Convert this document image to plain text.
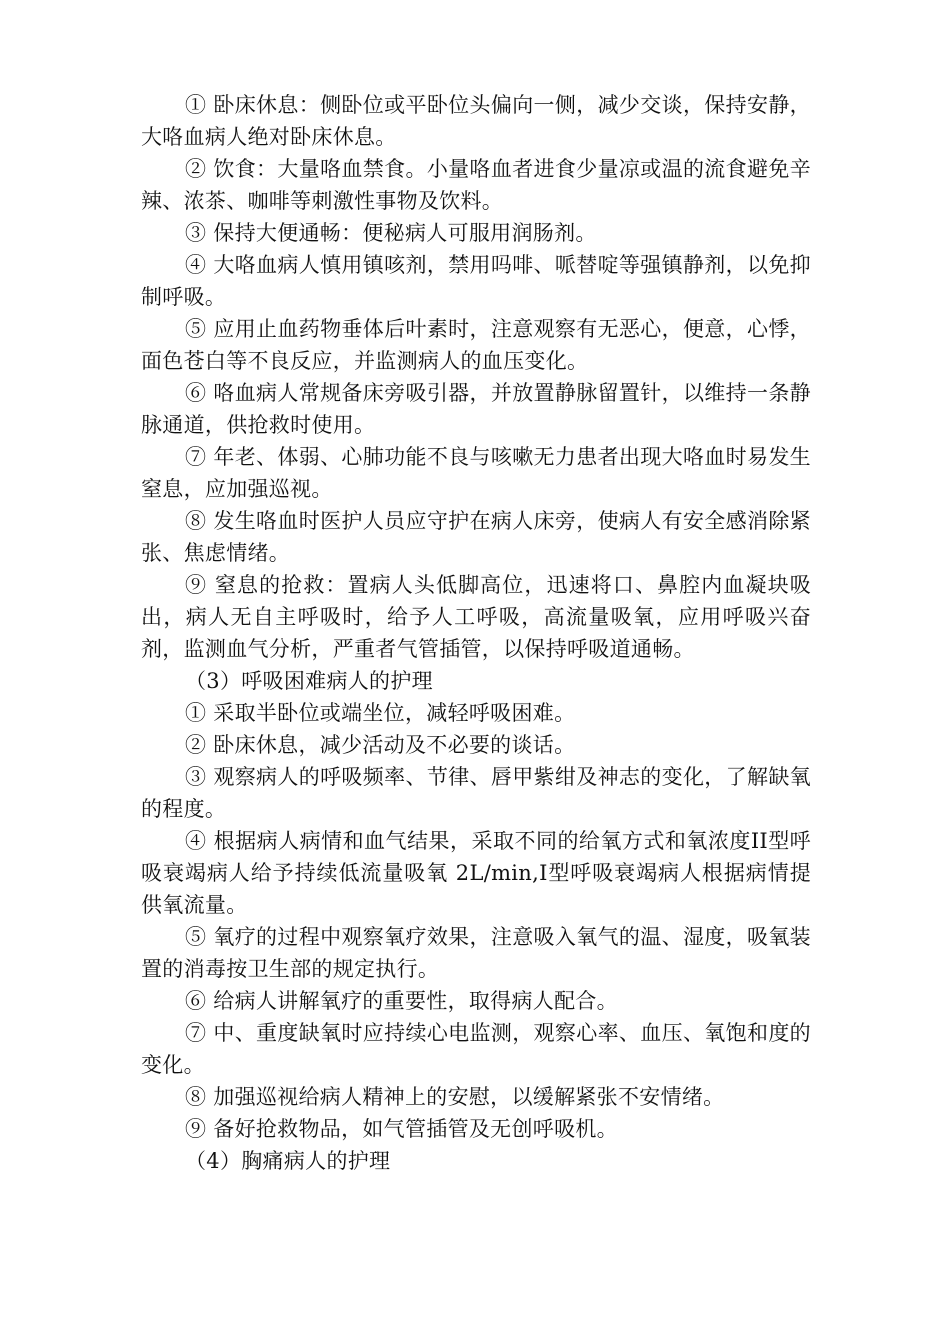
① 卧床休息：侧卧位或平卧位头偏向一侧，减少交谈，保持安静，大咯血病人绝对卧床休息。

② 饮食：大量咯血禁食。小量咯血者进食少量凉或温的流食避免辛辣、浓茶、咖啡等刺激性事物及饮料。

③ 保持大便通畅：便秘病人可服用润肠剂。

④ 大咯血病人慎用镇咳剂，禁用吗啡、哌替啶等强镇静剂，以免抑制呼吸。

⑤ 应用止血药物垂体后叶素时，注意观察有无恶心，便意，心悸，面色苍白等不良反应，并监测病人的血压变化。

⑥ 咯血病人常规备床旁吸引器，并放置静脉留置针，以维持一条静脉通道，供抢救时使用。

⑦ 年老、体弱、心肺功能不良与咳嗽无力患者出现大咯血时易发生窒息，应加强巡视。

⑧ 发生咯血时医护人员应守护在病人床旁，使病人有安全感消除紧张、焦虑情绪。

⑨ 窒息的抢救：置病人头低脚高位，迅速将口、鼻腔内血凝块吸出，病人无自主呼吸时，给予人工呼吸，高流量吸氧，应用呼吸兴奋剂，监测血气分析，严重者气管插管，以保持呼吸道通畅。

（3）呼吸困难病人的护理

① 采取半卧位或端坐位，减轻呼吸困难。

② 卧床休息，减少活动及不必要的谈话。

③ 观察病人的呼吸频率、节律、唇甲紫绀及神志的变化，了解缺氧的程度。

④ 根据病人病情和血气结果，采取不同的给氧方式和氧浓度II型呼吸衰竭病人给予持续低流量吸氧 2L/min,I型呼吸衰竭病人根据病情提供氧流量。

⑤ 氧疗的过程中观察氧疗效果，注意吸入氧气的温、湿度，吸氧装置的消毒按卫生部的规定执行。

⑥ 给病人讲解氧疗的重要性，取得病人配合。

⑦ 中、重度缺氧时应持续心电监测，观察心率、血压、氧饱和度的变化。

⑧ 加强巡视给病人精神上的安慰，以缓解紧张不安情绪。

⑨ 备好抢救物品，如气管插管及无创呼吸机。

（4）胸痛病人的护理
